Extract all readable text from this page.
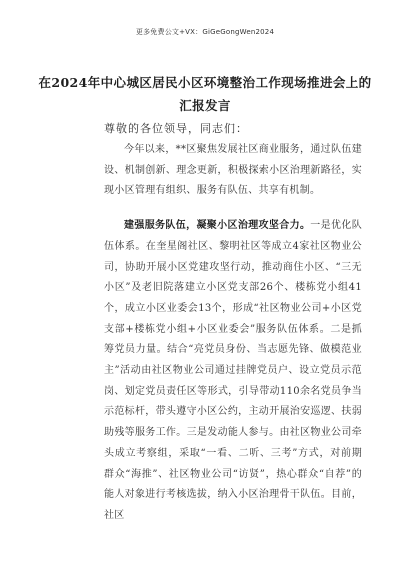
更多免费公文+VX：GiGeGongWen2024
在2024年中心城区居民小区环境整治工作现场推进会上的
汇报发言
尊敬的各位领导，同志们：

今年以来，**区聚焦发展社区商业服务，通过队伍建设、机制创新、理念更新，积极探索小区治理新路径，实现小区管理有组织、服务有队伍、共享有机制。

建强服务队伍，凝聚小区治理攻坚合力。一是优化队伍体系。在奎星阁社区、黎明社区等成立4家社区物业公司，协助开展小区党建攻坚行动，推动商住小区、“三无小区”及老旧院落建立小区党支部26个、楼栋党小组41个，成立小区业委会13个，形成“社区物业公司+小区党支部+楼栋党小组+小区业委会”服务队伍体系。二是抓筹党员力量。结合“亮党员身份、当志愿先锋、做模范业主”活动由社区物业公司通过挂牌党员户、设立党员示范岗、划定党员责任区等形式，引导带动110余名党员争当示范标杆，带头遵守小区公约，主动开展治安巡逻、扶弱助残等服务工作。三是发动能人参与。由社区物业公司牵头成立考察组，采取“一看、二听、三考”方式，对前期群众“海推”、社区物业公司“访贤”，热心群众“自荐”的能人对象进行考核选拔，纳入小区治理骨干队伍。目前，社区
